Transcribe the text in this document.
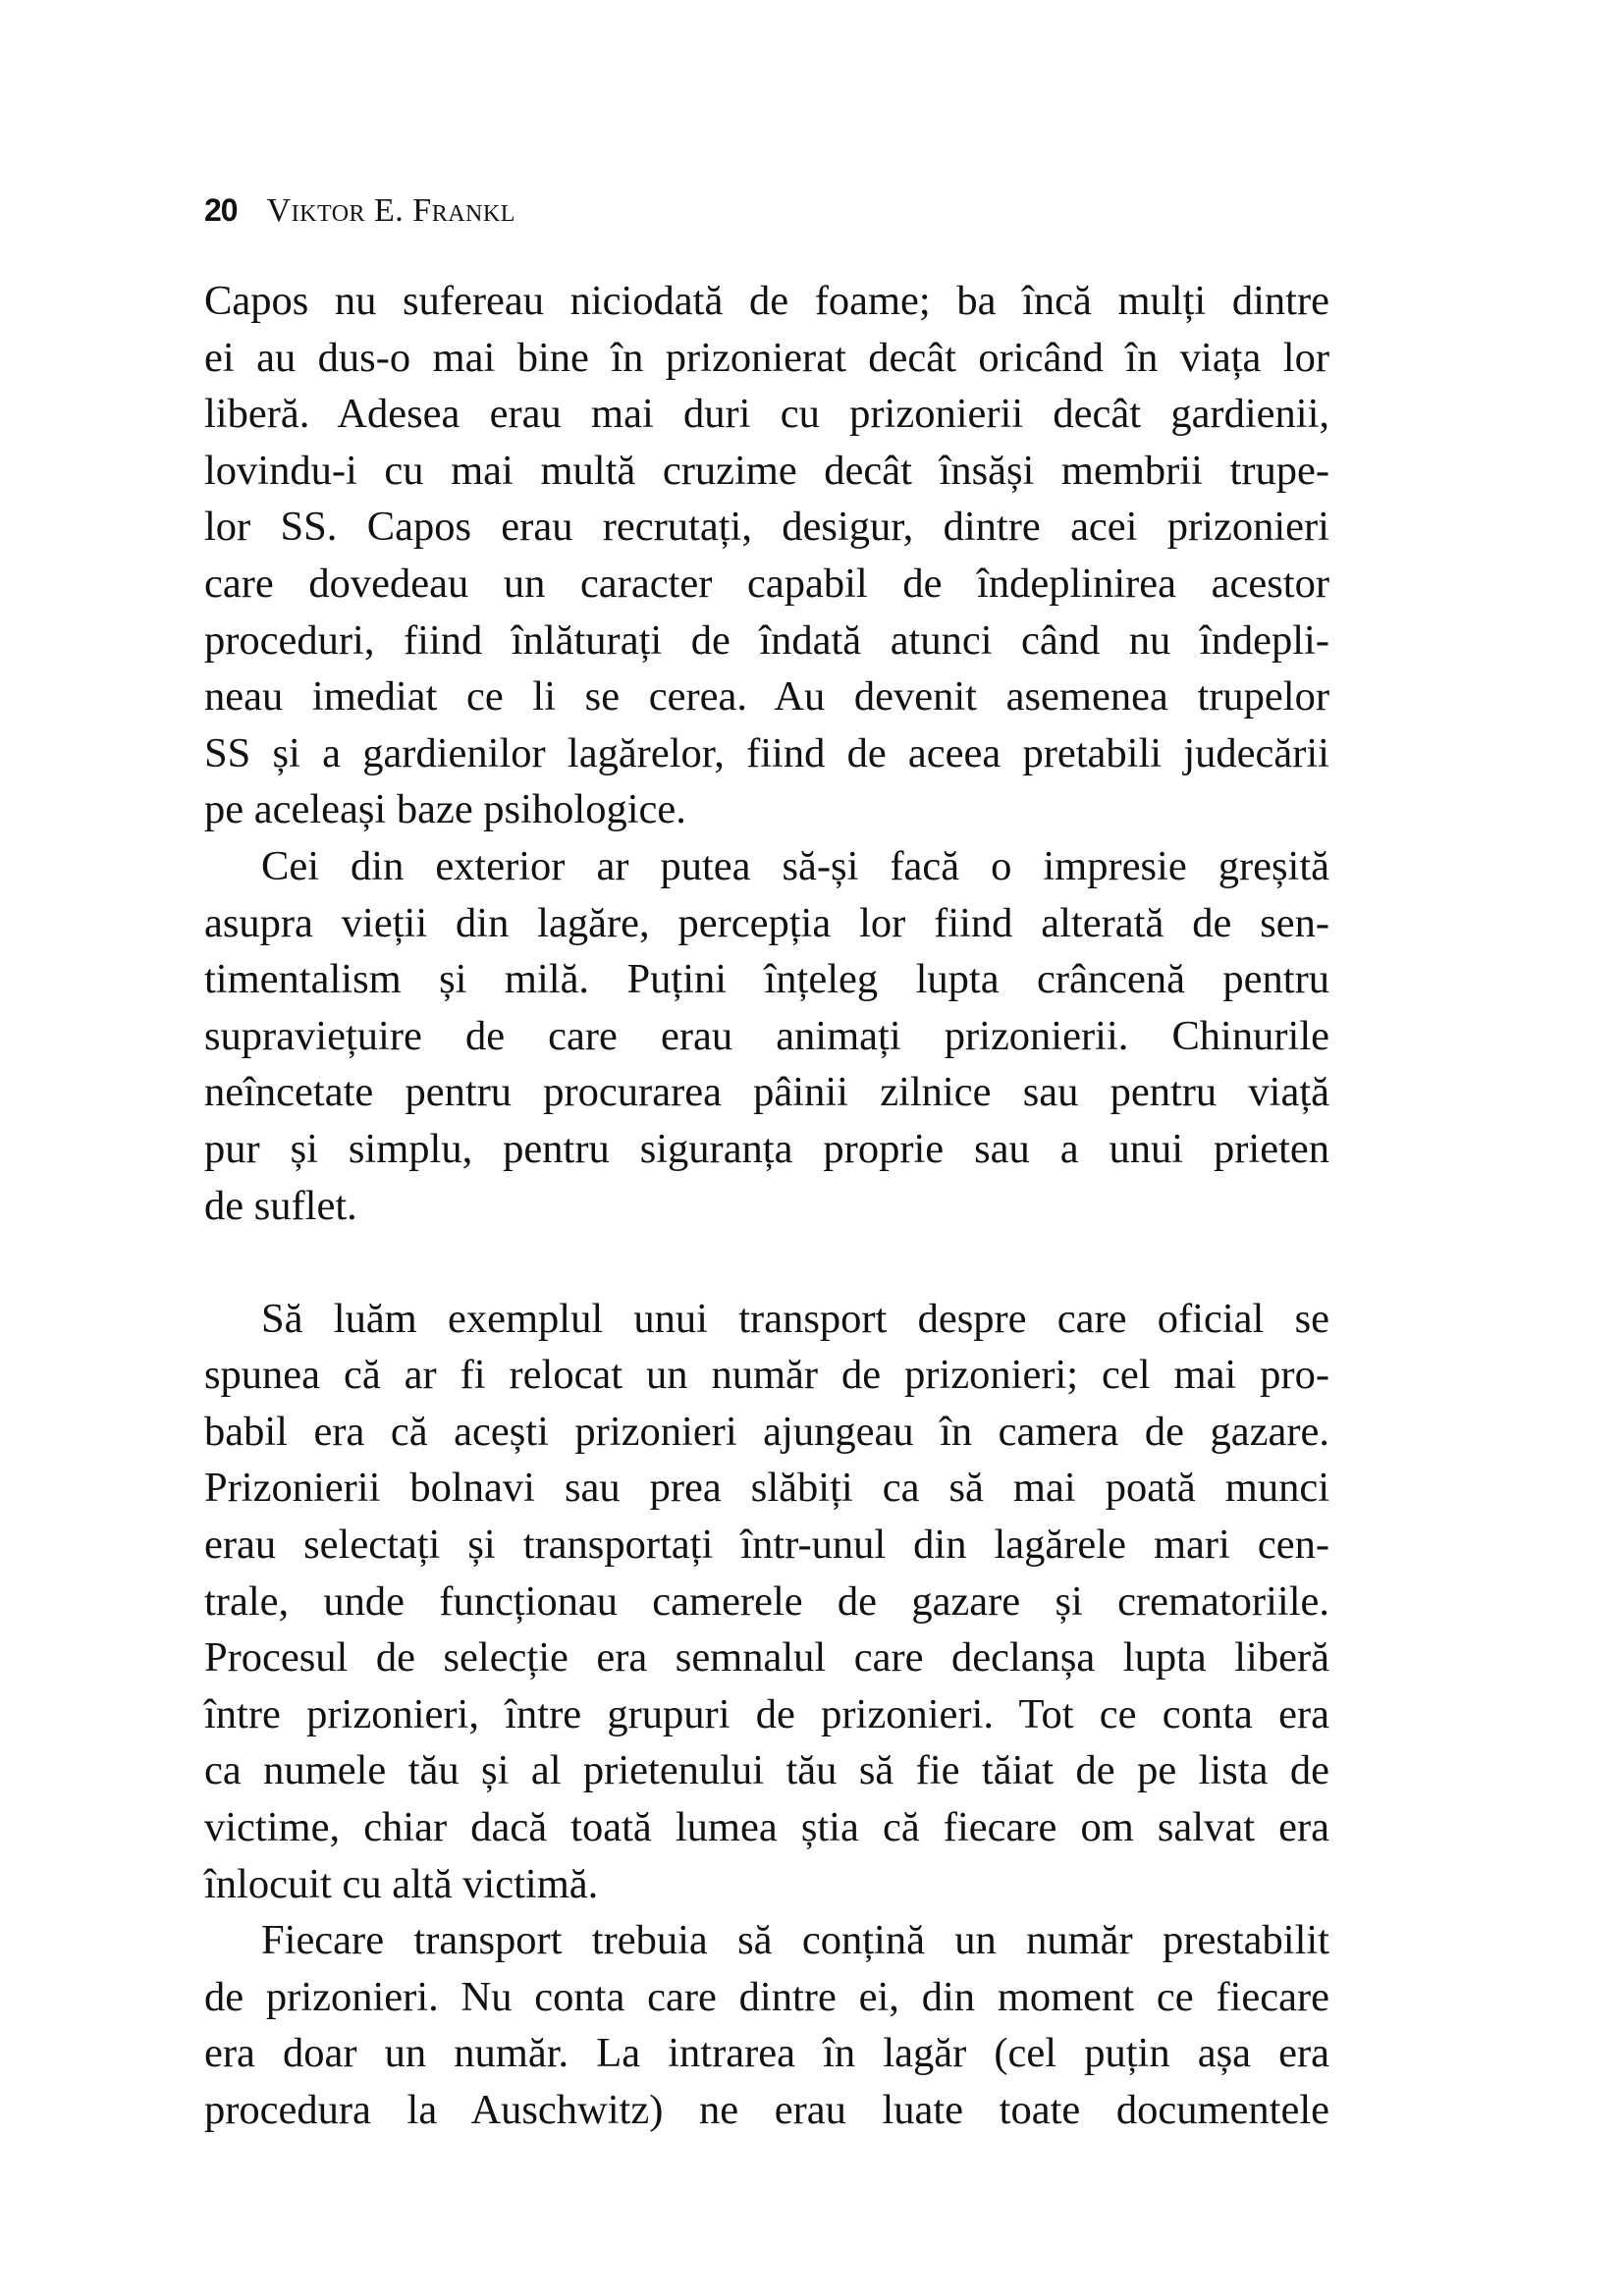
20 Viktor E. Frankl
Capos nu sufereau niciodată de foame; ba încă mulți dintre
ei au dus-o mai bine în prizonierat decât oricând în viața lor
liberă. Adesea erau mai duri cu prizonierii decât gardienii,
lovindu-i cu mai multă cruzime decât însăși membrii trupe-
lor SS. Capos erau recrutați, desigur, dintre acei prizonieri
care dovedeau un caracter capabil de îndeplinirea acestor
proceduri, fiind înlăturați de îndată atunci când nu îndepli-
neau imediat ce li se cerea. Au devenit asemenea trupelor
SS și a gardienilor lagărelor, fiind de aceea pretabili judecării
pe aceleași baze psihologice.
Cei din exterior ar putea să-și facă o impresie greșită
asupra vieții din lagăre, percepția lor fiind alterată de sen-
timentalism și milă. Puțini înțeleg lupta crâncenă pentru
supraviețuire de care erau animați prizonierii. Chinurile
neîncetate pentru procurarea pâinii zilnice sau pentru viață
pur și simplu, pentru siguranța proprie sau a unui prieten
de suflet.
Să luăm exemplul unui transport despre care oficial se
spunea că ar fi relocat un număr de prizonieri; cel mai pro-
babil era că acești prizonieri ajungeau în camera de gazare.
Prizonierii bolnavi sau prea slăbiți ca să mai poată munci
erau selectați și transportați într-unul din lagărele mari cen-
trale, unde funcționau camerele de gazare și crematoriile.
Procesul de selecție era semnalul care declanșa lupta liberă
între prizonieri, între grupuri de prizonieri. Tot ce conta era
ca numele tău și al prietenului tău să fie tăiat de pe lista de
victime, chiar dacă toată lumea știa că fiecare om salvat era
înlocuit cu altă victimă.
Fiecare transport trebuia să conțină un număr prestabilit
de prizonieri. Nu conta care dintre ei, din moment ce fiecare
era doar un număr. La intrarea în lagăr (cel puțin așa era
procedura la Auschwitz) ne erau luate toate documentele
